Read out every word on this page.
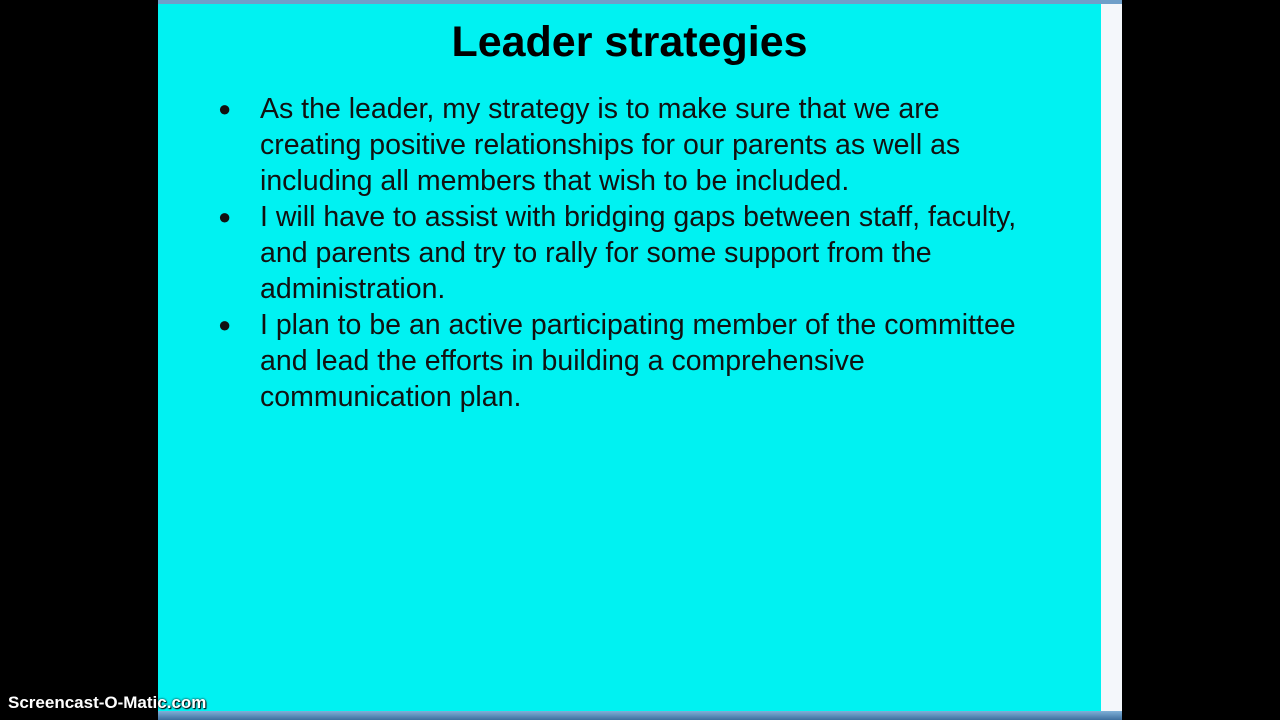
Leader strategies
● As the leader, my strategy is to make sure that we are creating positive relationships for our parents as well as including all members that wish to be included.
● I will have to assist with bridging gaps between staff, faculty, and parents and try to rally for some support from the administration.
● I plan to be an active participating member of the committee and lead the efforts in building a comprehensive communication plan.
Screencast-O-Matic.com
